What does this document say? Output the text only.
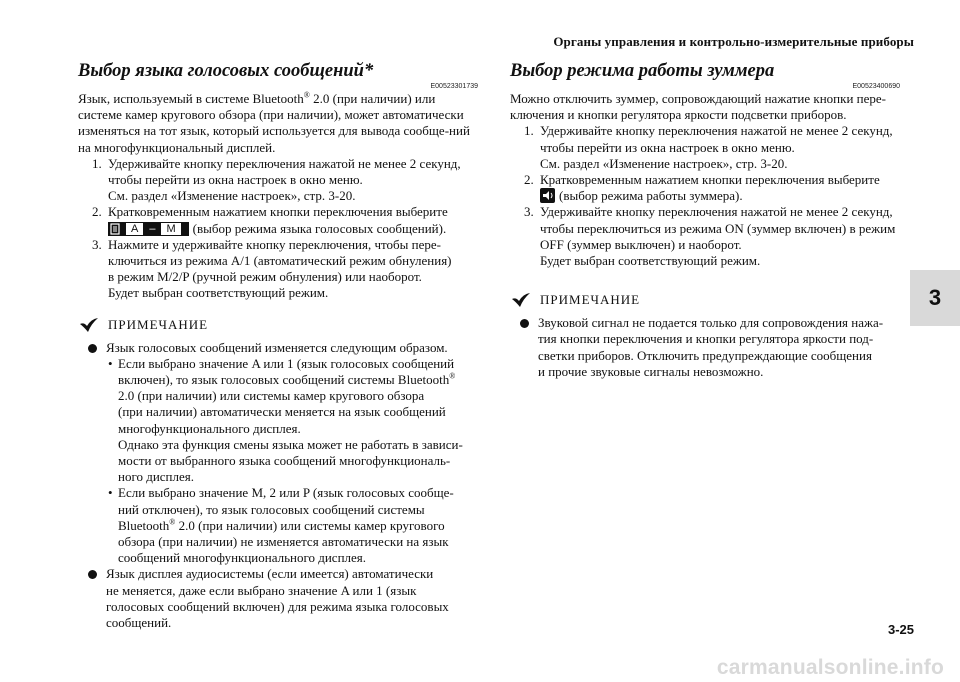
Органы управления и контрольно-измерительные приборы
3
Выбор языка голосовых сообщений*
E00523301739
Язык, используемый в системе Bluetooth® 2.0 (при наличии) или системе камер кругового обзора (при наличии), может автоматически изменяться на тот язык, который используется для вывода сообще-ний на многофункциональный дисплей.
1. Удерживайте кнопку переключения нажатой не менее 2 секунд,
чтобы перейти из окна настроек в окно меню.
См. раздел «Изменение настроек», стр. 3-20.
2. Кратковременным нажатием кнопки переключения выберите
A	–	M	(выбор режима языка голосовых сообщений).
3. Нажмите и удерживайте кнопку переключения, чтобы пере-
ключиться из режима A/1 (автоматический режим обнуления)
в режим M/2/P (ручной режим обнуления) или наоборот.
Будет выбран соответствующий режим.
ПРИМЕЧАНИЕ
Язык голосовых сообщений изменяется следующим образом.
• Если выбрано значение A или 1 (язык голосовых сообщений
включен), то язык голосовых сообщений системы Bluetooth®
2.0 (при наличии) или системы камер кругового обзора
(при наличии) автоматически меняется на язык сообщений
многофункционального дисплея.
Однако эта функция смены языка может не работать в зависи-
мости от выбранного языка сообщений многофункциональ-
ного дисплея.
• Если выбрано значение M, 2 или P (язык голосовых сообще-
ний отключен), то язык голосовых сообщений системы
Bluetooth® 2.0 (при наличии) или системы камер кругового
обзора (при наличии) не изменяется автоматически на язык
сообщений многофункционального дисплея.
Язык дисплея аудиосистемы (если имеется) автоматически
не меняется, даже если выбрано значение A или 1 (язык
голосовых сообщений включен) для режима языка голосовых
сообщений.
Выбор режима работы зуммера
E00523400690
Можно отключить зуммер, сопровождающий нажатие кнопки пере-
ключения и кнопки регулятора яркости подсветки приборов.
1. Удерживайте кнопку переключения нажатой не менее 2 секунд,
чтобы перейти из окна настроек в окно меню.
См. раздел «Изменение настроек», стр. 3-20.
2. Кратковременным нажатием кнопки переключения выберите
(выбор режима работы зуммера).
3. Удерживайте кнопку переключения нажатой не менее 2 секунд,
чтобы переключиться из режима ON (зуммер включен) в режим
OFF (зуммер выключен) и наоборот.
Будет выбран соответствующий режим.
ПРИМЕЧАНИЕ
Звуковой сигнал не подается только для сопровождения нажа-
тия кнопки переключения и кнопки регулятора яркости под-
светки приборов. Отключить предупреждающие сообщения
и прочие звуковые сигналы невозможно.
3-25
carmanualsonline.info
